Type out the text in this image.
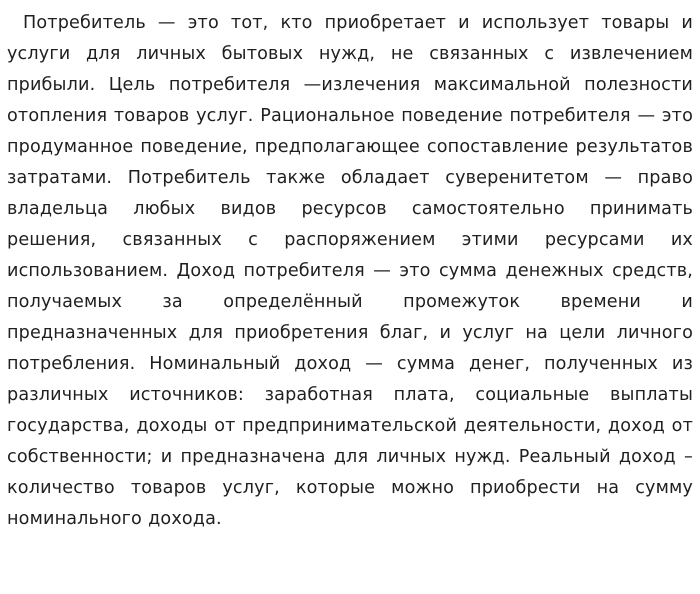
Потребитель — это тот, кто приобретает и использует товары и услуги для личных бытовых нужд, не связанных с извлечением прибыли. Цель потребителя —излечения максимальной полезности отопления товаров услуг. Рациональное поведение потребителя — это продуманное поведение, предполагающее сопоставление результатов затратами. Потребитель также обладает суверенитетом — право владельца любых видов ресурсов самостоятельно принимать решения, связанных с распоряжением этими ресурсами их использованием. Доход потребителя — это сумма денежных средств, получаемых за определённый промежуток времени и предназначенных для приобретения благ, и услуг на цели личного потребления. Номинальный доход — сумма денег, полученных из различных источников: заработная плата, социальные выплаты государства, доходы от предпринимательской деятельности, доход от собственности; и предназначена для личных нужд. Реальный доход – количество товаров услуг, которые можно приобрести на сумму номинального дохода.
